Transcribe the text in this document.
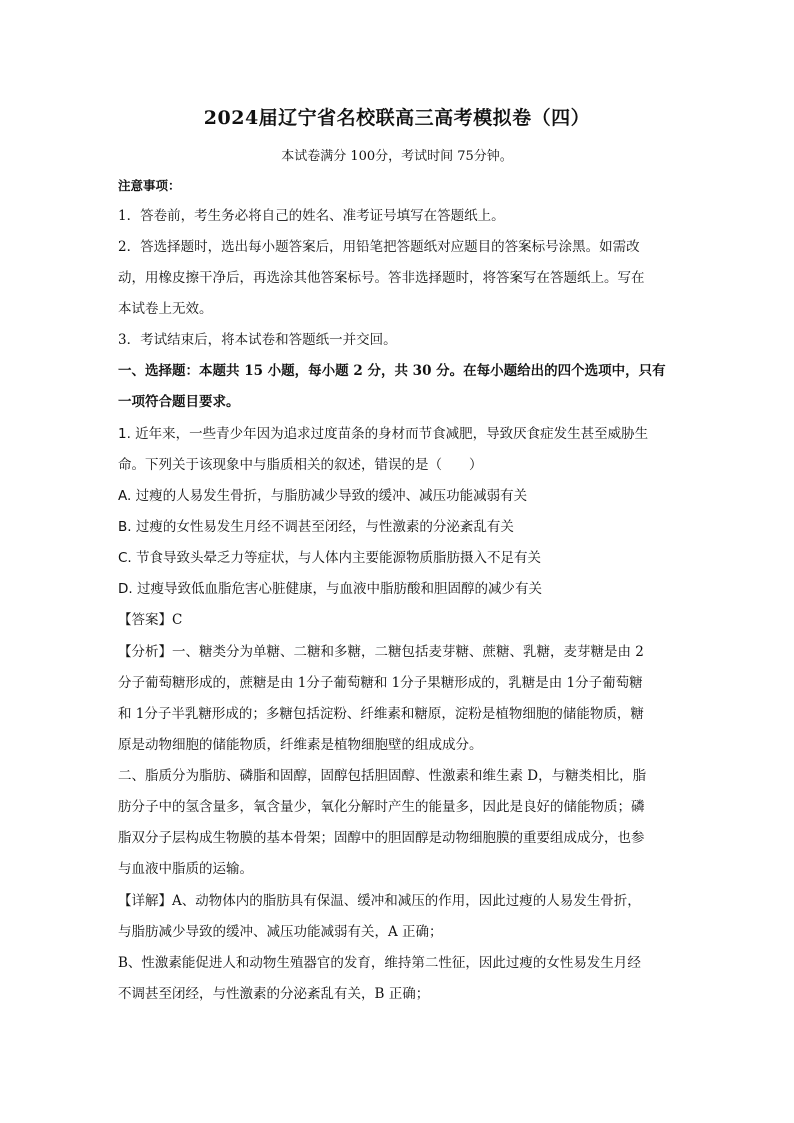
2024届辽宁省名校联高三高考模拟卷（四）
本试卷满分 100分，考试时间 75分钟。
注意事项：
1．答卷前，考生务必将自己的姓名、准考证号填写在答题纸上。
2．答选择题时，选出每小题答案后，用铅笔把答题纸对应题目的答案标号涂黑。如需改
动，用橡皮擦干净后，再选涂其他答案标号。答非选择题时，将答案写在答题纸上。写在
本试卷上无效。
3．考试结束后，将本试卷和答题纸一并交回。
一、选择题：本题共 15 小题，每小题 2 分，共 30 分。在每小题给出的四个选项中，只有
一项符合题目要求。
1. 近年来，一些青少年因为追求过度苗条的身材而节食减肥，导致厌食症发生甚至威胁生
命。下列关于该现象中与脂质相关的叙述，错误的是（　　）
A. 过瘦的人易发生骨折，与脂肪减少导致的缓冲、减压功能减弱有关
B. 过瘦的女性易发生月经不调甚至闭经，与性激素的分泌紊乱有关
C. 节食导致头晕乏力等症状，与人体内主要能源物质脂肪摄入不足有关
D. 过瘦导致低血脂危害心脏健康，与血液中脂肪酸和胆固醇的减少有关
【答案】C
【分析】一、糖类分为单糖、二糖和多糖，二糖包括麦芽糖、蔗糖、乳糖，麦芽糖是由 2
分子葡萄糖形成的，蔗糖是由 1分子葡萄糖和 1分子果糖形成的，乳糖是由 1分子葡萄糖
和 1分子半乳糖形成的；多糖包括淀粉、纤维素和糖原，淀粉是植物细胞的储能物质，糖
原是动物细胞的储能物质，纤维素是植物细胞壁的组成成分。
二、脂质分为脂肪、磷脂和固醇，固醇包括胆固醇、性激素和维生素 D，与糖类相比，脂
肪分子中的氢含量多，氧含量少，氧化分解时产生的能量多，因此是良好的储能物质；磷
脂双分子层构成生物膜的基本骨架；固醇中的胆固醇是动物细胞膜的重要组成成分，也参
与血液中脂质的运输。
【详解】A、动物体内的脂肪具有保温、缓冲和减压的作用，因此过瘦的人易发生骨折，
与脂肪减少导致的缓冲、减压功能减弱有关，A 正确；
B、性激素能促进人和动物生殖器官的发育，维持第二性征，因此过瘦的女性易发生月经
不调甚至闭经，与性激素的分泌紊乱有关，B 正确；
